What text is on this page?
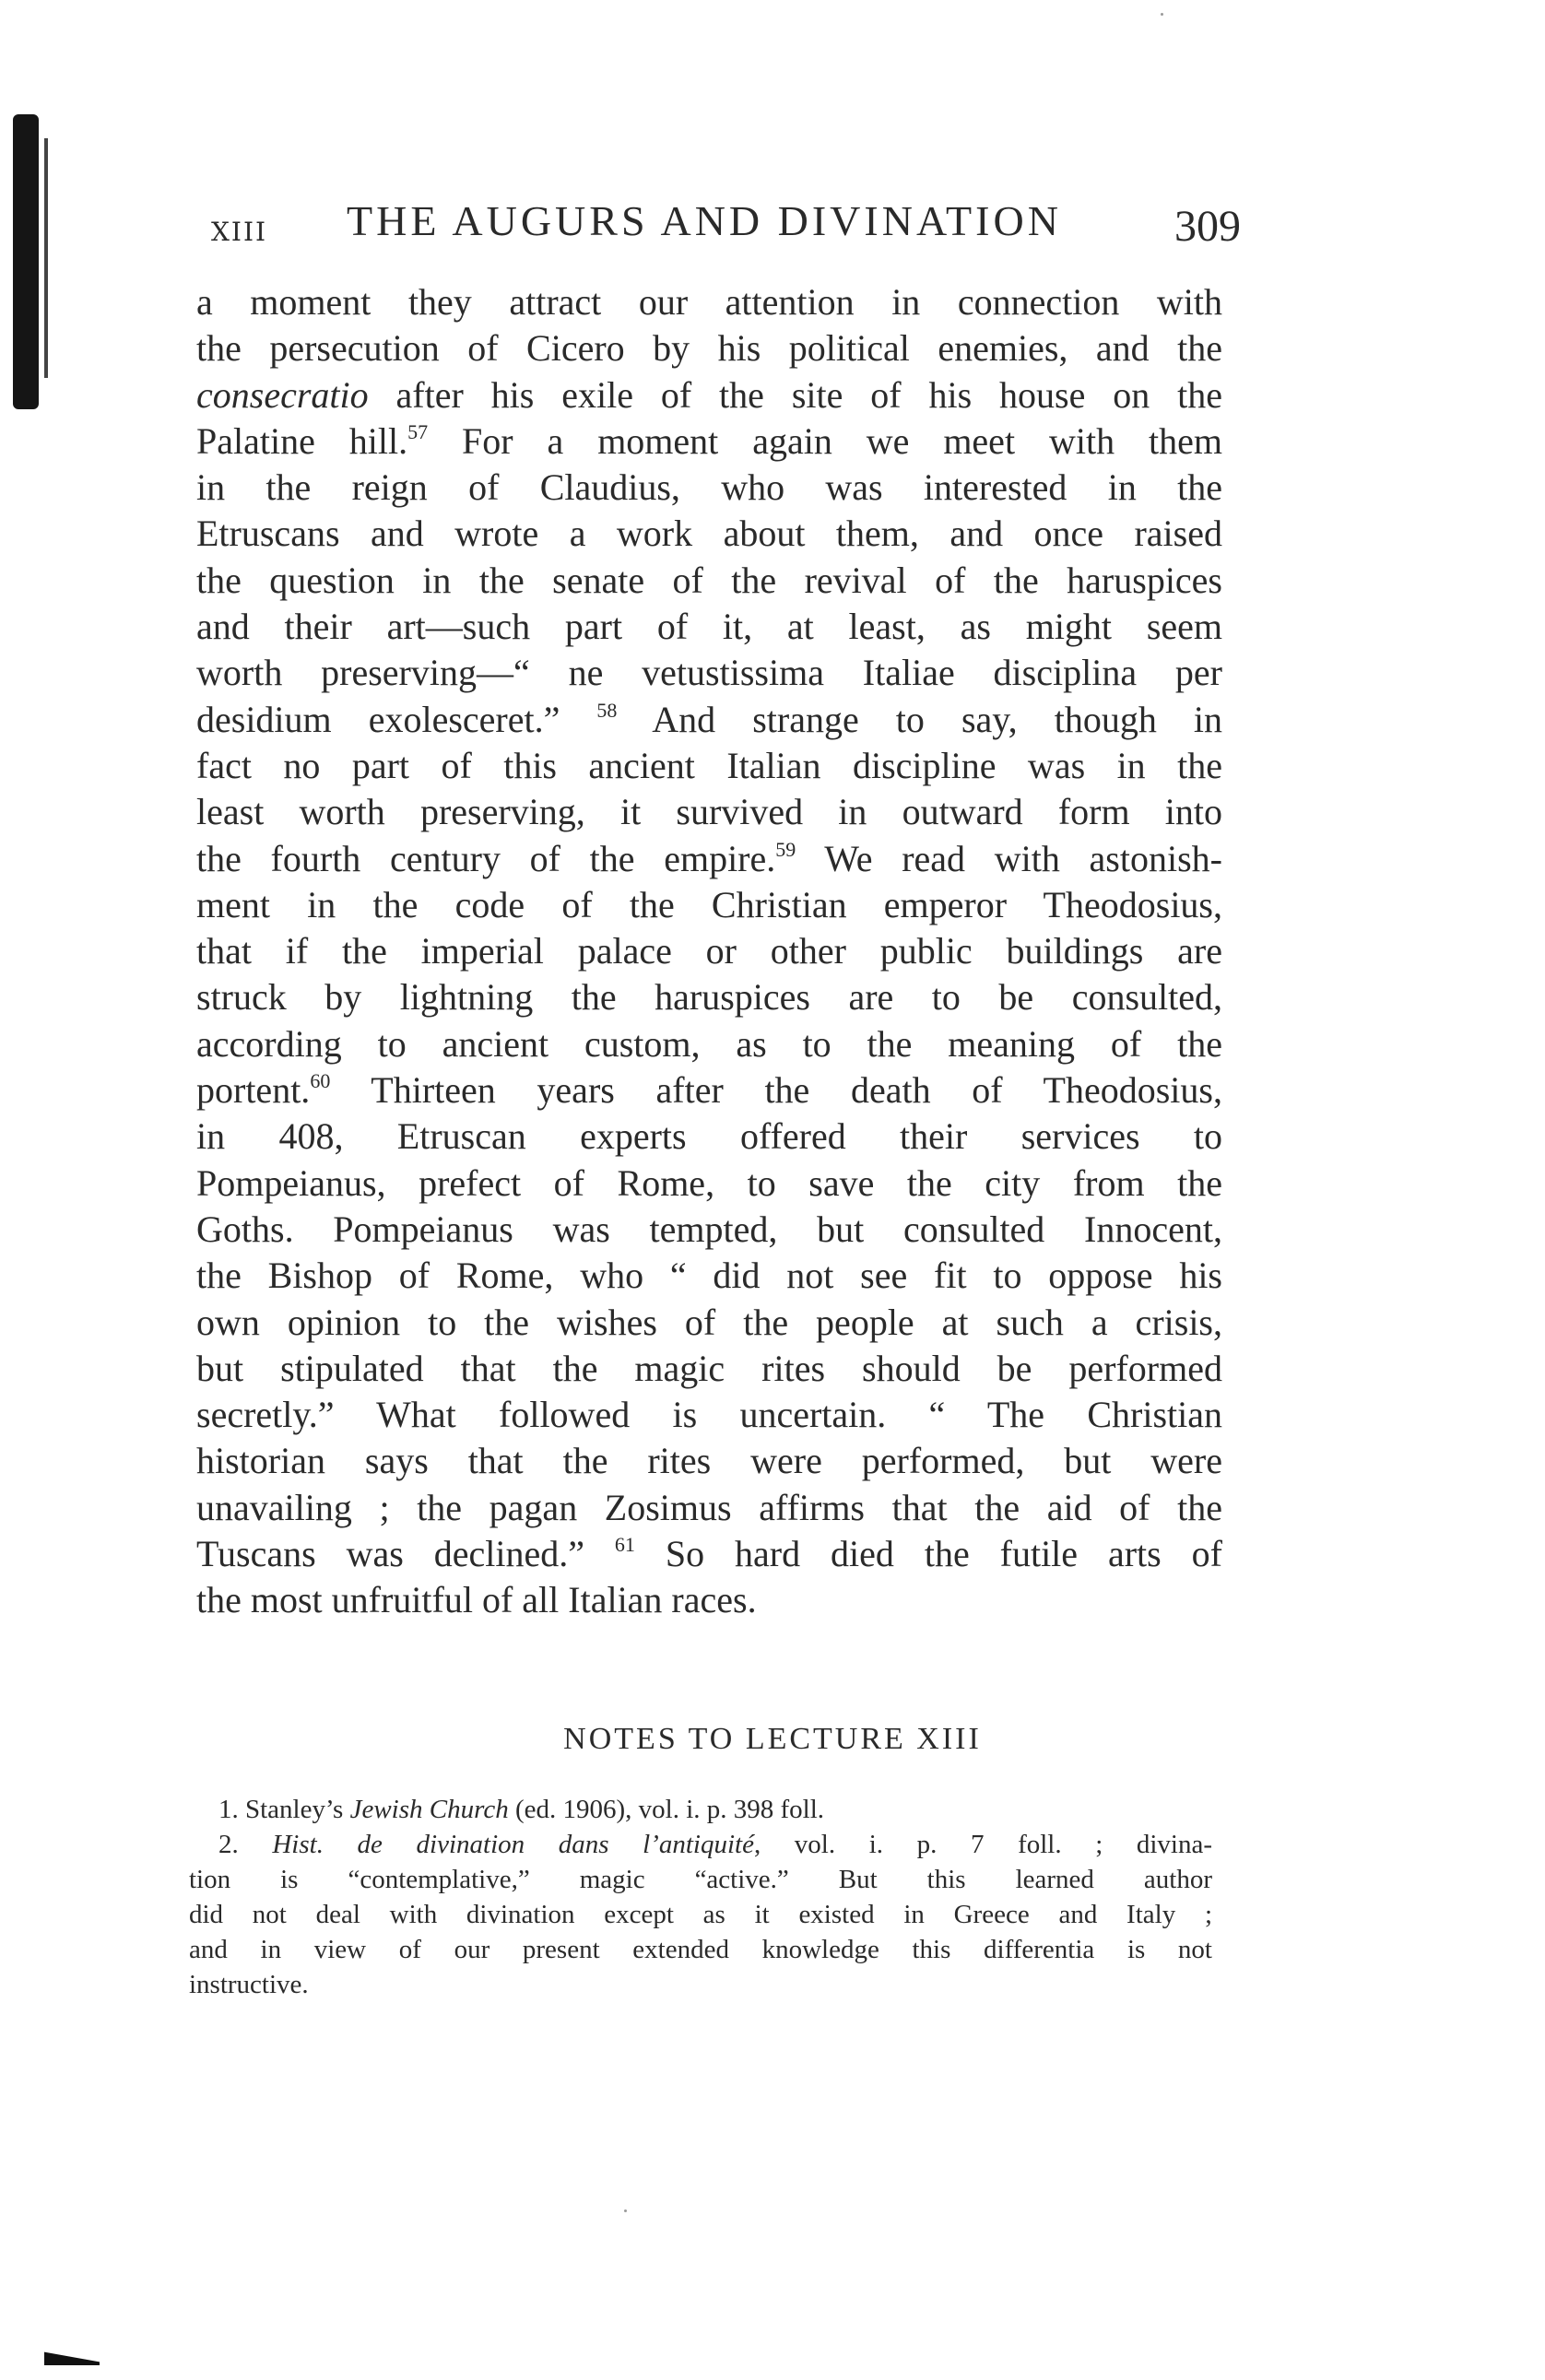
XIII THE AUGURS AND DIVINATION	309
a moment they attract our attention in connection with
the persecution of Cicero by his political enemies, and the
consecratio after his exile of the site of his house on the
Palatine hill.$^{57}$ For a moment again we meet with them
in the reign of Claudius, who was interested in the
Etruscans and wrote a work about them, and once raised
the question in the senate of the revival of the haruspices
and their art—such part of it, at least, as might seem
worth preserving—“ ne vetustissima Italiae disciplina per
desidium exolesceret.” $^{58}$ And strange to say, though in
fact no part of this ancient Italian discipline was in the
least worth preserving, it survived in outward form into
the fourth century of the empire.$^{59}$ We read with astonish-
ment in the code of the Christian emperor Theodosius,
that if the imperial palace or other public buildings are
struck by lightning the haruspices are to be consulted,
according to ancient custom, as to the meaning of the
portent.$^{60}$ Thirteen years after the death of Theodosius,
in 408, Etruscan experts offered their services to
Pompeianus, prefect of Rome, to save the city from the
Goths. Pompeianus was tempted, but consulted Innocent,
the Bishop of Rome, who “ did not see fit to oppose his
own opinion to the wishes of the people at such a crisis,
but stipulated that the magic rites should be performed
secretly.” What followed is uncertain. “ The Christian
historian says that the rites were performed, but were
unavailing ; the pagan Zosimus affirms that the aid of the
Tuscans was declined.” $^{61}$ So hard died the futile arts of
the most unfruitful of all Italian races.
NOTES TO LECTURE XIII

1. Stanley’s Jewish Church (ed. 1906), vol. i. p. 398 foll.

2. Hist. de divination dans l’antiquité, vol. i. p. 7 foll. ; divina-
tion is “contemplative,” magic “active.” But this learned author
did not deal with divination except as it existed in Greece and Italy ;
and in view of our present extended knowledge this differentia is not
instructive.
